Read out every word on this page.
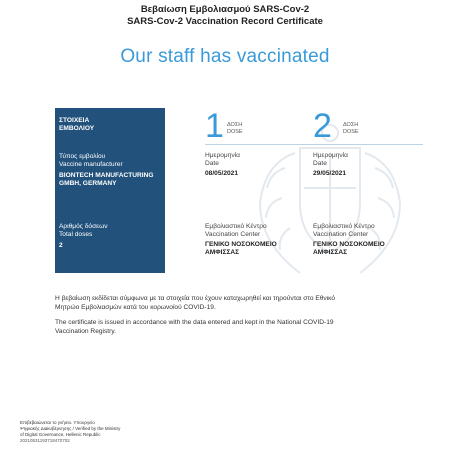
Βεβαίωση Εμβολιασμού SARS-Cov-2
SARS-Cov-2 Vaccination Record Certificate
Our staff has vaccinated
ΣΤΟΙΧΕΙΑ
ΕΜΒΟΛΙΟΥ
Τύπος εμβολίου
Vaccine manufacturer
BIONTECH MANUFACTURING
GMBH, GERMANY
Αριθμός δόσεων
Total doses
2
1 ΔΟΣΗ
DOSE
Ημερομηνία
Date
08/05/2021
Εμβολιαστικό Κέντρο
Vaccination Center
ΓΕΝΙΚΟ ΝΟΣΟΚΟΜΕΙΟ
ΑΜΦΙΣΣΑΣ
2 ΔΟΣΗ
DOSE
Ημερομηνία
Date
29/05/2021
Εμβολιαστικό Κέντρο
Vaccination Center
ΓΕΝΙΚΟ ΝΟΣΟΚΟΜΕΙΟ
ΑΜΦΙΣΣΑΣ
Η βεβαίωση εκδίδεται σύμφωνα με τα στοιχεία που έχουν καταχωρηθεί και τηρούνται στο Εθνικό
Μητρώο Εμβολιασμών κατά του κορωνοϊού COVID-19.
The certificate is issued in accordance with the data entered and kept in the National COVID-19
Vaccination Registry.
Επιβεβαιώνεται το γνήσιο. Υπουργείο
Ψηφιακής Διακυβέρνησης / Verified by the Ministry
of Digital Governance, Hellenic Republic
20210531193718470702
